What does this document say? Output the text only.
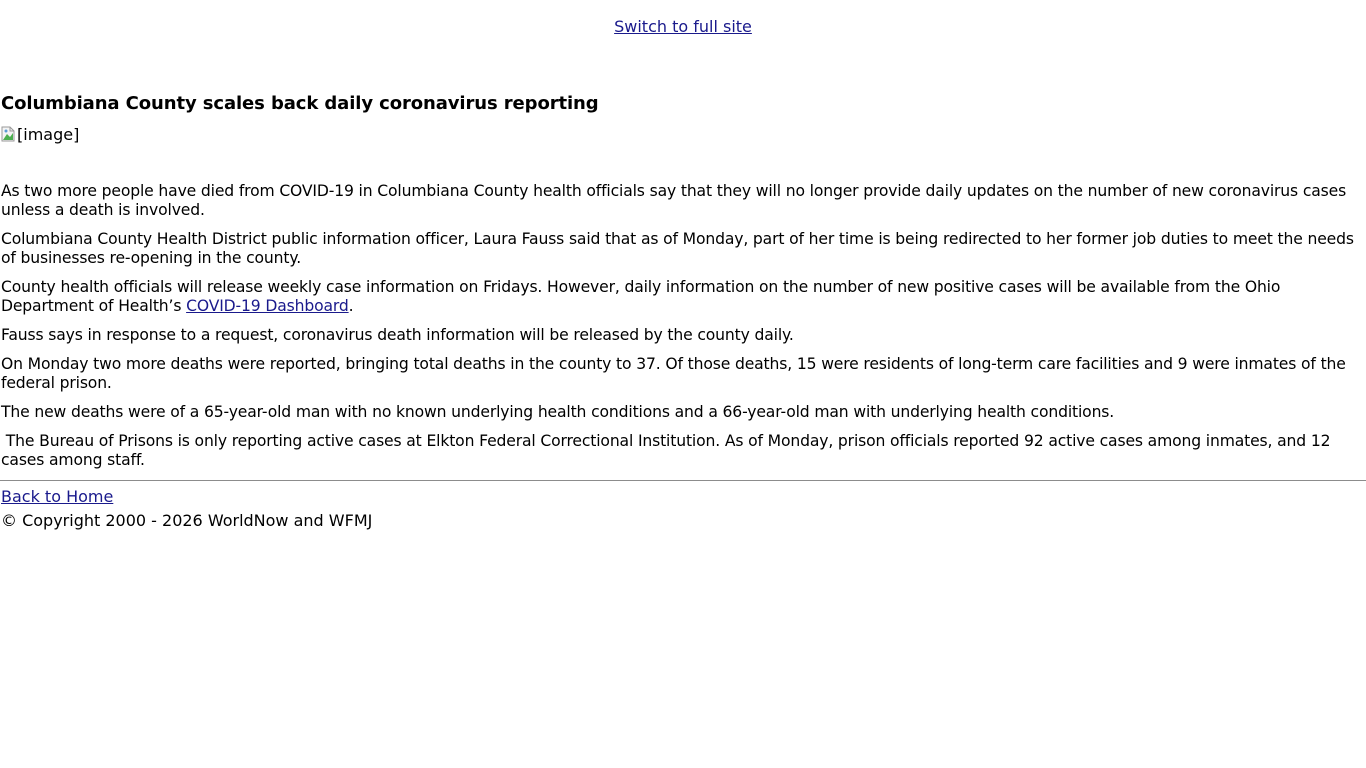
Switch to full site
Columbiana County scales back daily coronavirus reporting
[image]

As two more people have died from COVID-19 in Columbiana County health officials say that they will no longer provide daily updates on the number of new coronavirus cases unless a death is involved.

Columbiana County Health District public information officer, Laura Fauss said that as of Monday, part of her time is being redirected to her former job duties to meet the needs of businesses re-opening in the county.

County health officials will release weekly case information on Fridays. However, daily information on the number of new positive cases will be available from the Ohio Department of Health’s COVID-19 Dashboard.

Fauss says in response to a request, coronavirus death information will be released by the county daily.

On Monday two more deaths were reported, bringing total deaths in the county to 37. Of those deaths, 15 were residents of long-term care facilities and 9 were inmates of the federal prison.

The new deaths were of a 65-year-old man with no known underlying health conditions and a 66-year-old man with underlying health conditions.

The Bureau of Prisons is only reporting active cases at Elkton Federal Correctional Institution. As of Monday, prison officials reported 92 active cases among inmates, and 12 cases among staff.

Back to Home
© Copyright 2000 - 2026 WorldNow and WFMJ
